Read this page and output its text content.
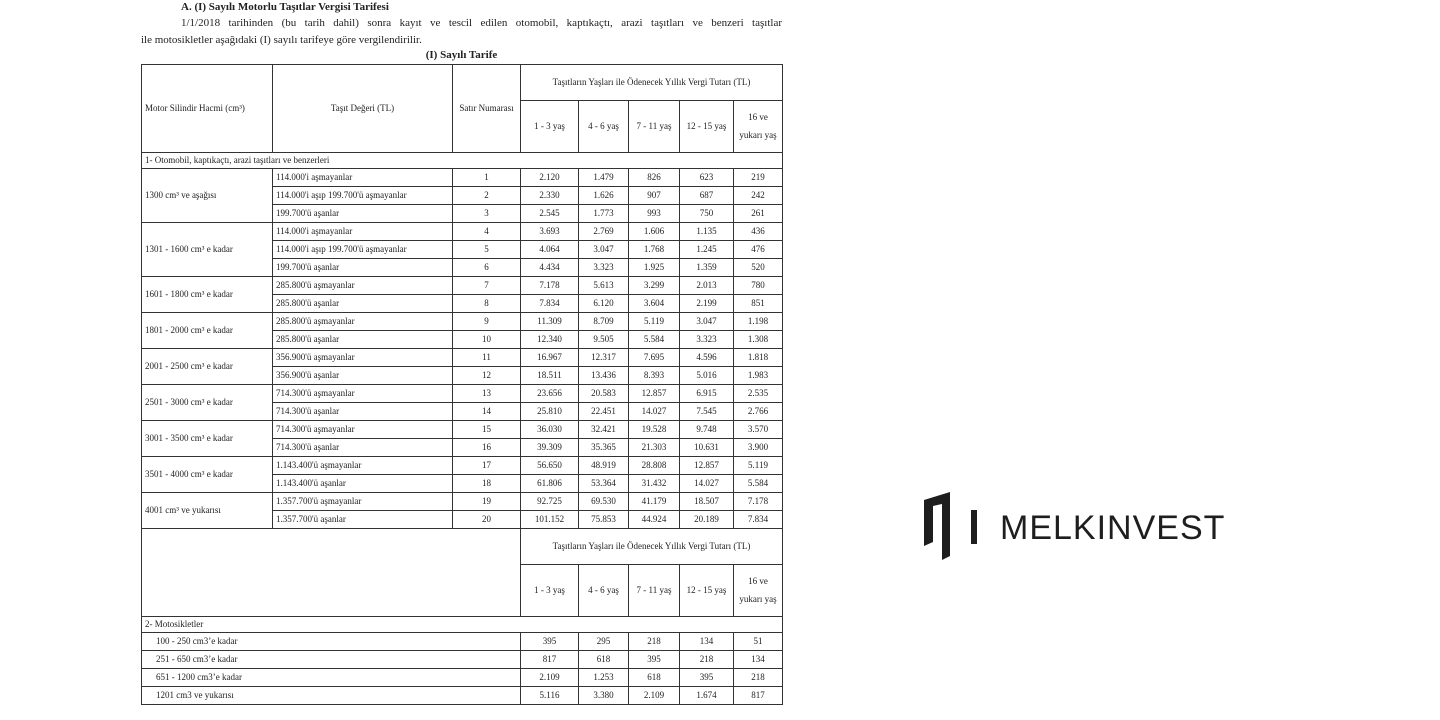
A. (I) Sayılı Motorlu Taşıtlar Vergisi Tarifesi
1/1/2018 tarihinden (bu tarih dahil) sonra kayıt ve tescil edilen otomobil, kaptıkaçtı, arazi taşıtları ve benzeri taşıtlar
ile motosikletler aşağıdaki (I) sayılı tarifeye göre vergilendirilir.
(I) Sayılı Tarife
Motor Silindir Hacmi (cm³)	Taşıt Değeri (TL)	Satır Numarası	Taşıtların Yaşları ile Ödenecek Yıllık Vergi Tutarı (TL)				
			1 - 3 yaş	4 - 6 yaş	7 - 11 yaş	12 - 15 yaş	16 ve yukarı yaş
1- Otomobil, kaptıkaçtı, arazi taşıtları ve benzerleri							
1300 cm³ ve aşağısı	114.000'i aşmayanlar	1	2.120	1.479	826	623	219
	114.000'i aşıp 199.700'ü aşmayanlar	2	2.330	1.626	907	687	242
	199.700'ü aşanlar	3	2.545	1.773	993	750	261
1301 - 1600 cm³ e kadar	114.000'i aşmayanlar	4	3.693	2.769	1.606	1.135	436
	114.000'i aşıp 199.700'ü aşmayanlar	5	4.064	3.047	1.768	1.245	476
	199.700'ü aşanlar	6	4.434	3.323	1.925	1.359	520
1601 - 1800 cm³ e kadar	285.800'ü aşmayanlar	7	7.178	5.613	3.299	2.013	780
	285.800'ü aşanlar	8	7.834	6.120	3.604	2.199	851
1801 - 2000 cm³ e kadar	285.800'ü aşmayanlar	9	11.309	8.709	5.119	3.047	1.198
	285.800'ü aşanlar	10	12.340	9.505	5.584	3.323	1.308
2001 - 2500 cm³ e kadar	356.900'ü aşmayanlar	11	16.967	12.317	7.695	4.596	1.818
	356.900'ü aşanlar	12	18.511	13.436	8.393	5.016	1.983
2501 - 3000 cm³ e kadar	714.300'ü aşmayanlar	13	23.656	20.583	12.857	6.915	2.535
	714.300'ü aşanlar	14	25.810	22.451	14.027	7.545	2.766
3001 - 3500 cm³ e kadar	714.300'ü aşmayanlar	15	36.030	32.421	19.528	9.748	3.570
	714.300'ü aşanlar	16	39.309	35.365	21.303	10.631	3.900
3501 - 4000 cm³ e kadar	1.143.400'ü aşmayanlar	17	56.650	48.919	28.808	12.857	5.119
	1.143.400'ü aşanlar	18	61.806	53.364	31.432	14.027	5.584
4001 cm³ ve yukarısı	1.357.700'ü aşmayanlar	19	92.725	69.530	41.179	18.507	7.178
	1.357.700'ü aşanlar	20	101.152	75.853	44.924	20.189	7.834
			Taşıtların Yaşları ile Ödenecek Yıllık Vergi Tutarı (TL)				
			1 - 3 yaş	4 - 6 yaş	7 - 11 yaş	12 - 15 yaş	16 ve yukarı yaş
2- Motosikletler							
100 - 250 cm3’e kadar			395	295	218	134	51
251 - 650 cm3’e kadar			817	618	395	218	134
651 - 1200 cm3’e kadar			2.109	1.253	618	395	218
1201 cm3 ve yukarısı			5.116	3.380	2.109	1.674	817
MELKINVEST
